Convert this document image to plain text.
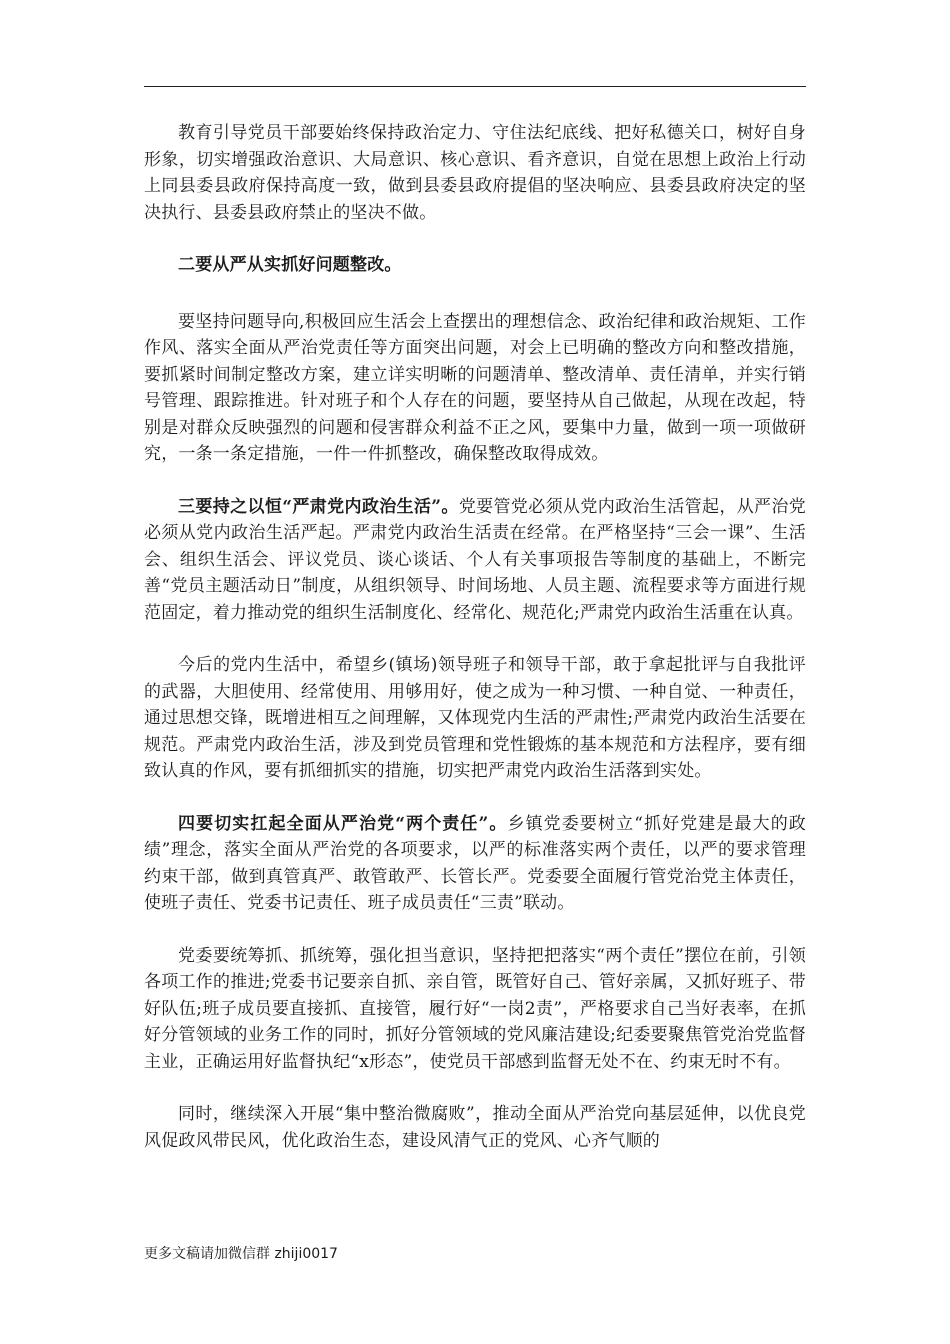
教育引导党员干部要始终保持政治定力、守住法纪底线、把好私德关口，树好自身形象，切实增强政治意识、大局意识、核心意识、看齐意识，自觉在思想上政治上行动上同县委县政府保持高度一致，做到县委县政府提倡的坚决响应、县委县政府决定的坚决执行、县委县政府禁止的坚决不做。

二要从严从实抓好问题整改。

要坚持问题导向,积极回应生活会上查摆出的理想信念、政治纪律和政治规矩、工作作风、落实全面从严治党责任等方面突出问题，对会上已明确的整改方向和整改措施，要抓紧时间制定整改方案，建立详实明晰的问题清单、整改清单、责任清单，并实行销号管理、跟踪推进。针对班子和个人存在的问题，要坚持从自己做起，从现在改起，特别是对群众反映强烈的问题和侵害群众利益不正之风，要集中力量，做到一项一项做研究，一条一条定措施，一件一件抓整改，确保整改取得成效。

三要持之以恒“严肃党内政治生活”。党要管党必须从党内政治生活管起，从严治党必须从党内政治生活严起。严肃党内政治生活责在经常。在严格坚持“三会一课”、生活会、组织生活会、评议党员、谈心谈话、个人有关事项报告等制度的基础上，不断完善“党员主题活动日”制度，从组织领导、时间场地、人员主题、流程要求等方面进行规范固定，着力推动党的组织生活制度化、经常化、规范化;严肃党内政治生活重在认真。

今后的党内生活中，希望乡(镇场)领导班子和领导干部，敢于拿起批评与自我批评的武器，大胆使用、经常使用、用够用好，使之成为一种习惯、一种自觉、一种责任，通过思想交锋，既增进相互之间理解，又体现党内生活的严肃性;严肃党内政治生活要在规范。严肃党内政治生活，涉及到党员管理和党性锻炼的基本规范和方法程序，要有细致认真的作风，要有抓细抓实的措施，切实把严肃党内政治生活落到实处。

四要切实扛起全面从严治党“两个责任”。乡镇党委要树立“抓好党建是最大的政绩”理念，落实全面从严治党的各项要求，以严的标准落实两个责任，以严的要求管理约束干部，做到真管真严、敢管敢严、长管长严。党委要全面履行管党治党主体责任，使班子责任、党委书记责任、班子成员责任“三责”联动。

党委要统筹抓、抓统筹，强化担当意识，坚持把把落实“两个责任”摆位在前，引领各项工作的推进;党委书记要亲自抓、亲自管，既管好自己、管好亲属，又抓好班子、带好队伍;班子成员要直接抓、直接管，履行好“一岗2责”，严格要求自己当好表率，在抓好分管领域的业务工作的同时，抓好分管领域的党风廉洁建设;纪委要聚焦管党治党监督主业，正确运用好监督执纪“x形态”，使党员干部感到监督无处不在、约束无时不有。

同时，继续深入开展“集中整治微腐败”，推动全面从严治党向基层延伸，以优良党风促政风带民风，优化政治生态，建设风清气正的党风、心齐气顺的

更多文稿请加微信群 zhiji0017
